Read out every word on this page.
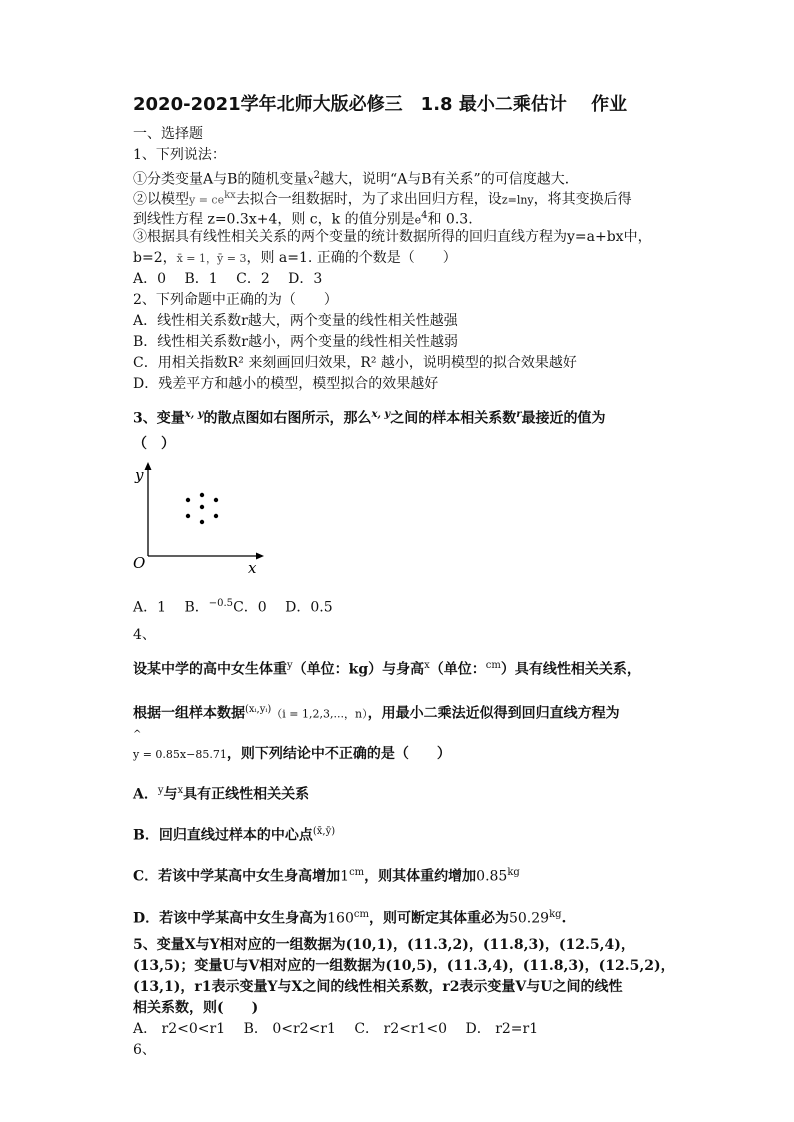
2020-2021学年北师大版必修三　1.8 最小二乘估计　 作业
一、选择题
1、下列说法：
①分类变量A与B的随机变量$x^2$越大，说明“A与B有关系”的可信度越大．
②以模型$y = ce^{kx}$去拟合一组数据时，为了求出回归方程，设z=lny，将其变换后得
到线性方程 z=0.3x+4，则 c，k 的值分别是$e^4$和 0.3.
③根据具有线性相关关系的两个变量的统计数据所得的回归直线方程为y=a+bx中，
b=2，x̄ = 1，ȳ = 3，则 a=1. 正确的个数是（　　）
A．0　 B．1　 C．2　 D．3
2、下列命题中正确的为（　　）
A．线性相关系数r越大，两个变量的线性相关性越强
B．线性相关系数r越小，两个变量的线性相关性越弱
C．用相关指数R² 来刻画回归效果，R² 越小，说明模型的拟合效果越好
D．残差平方和越小的模型，模型拟合的效果越好
3、变量$^{x, y}$的散点图如右图所示，那么$^{x, y}$之间的样本相关系数$^r$最接近的值为
（　）
y
x
O
A．1　 B．$^{-0.5}$C．0　 D．0.5
4、
设某中学的高中女生体重$^y$（单位：kg）与身高$^x$（单位：$^{cm}$）具有线性相关关系，
根据一组样本数据$^{(xᵢ,yᵢ)}$（i = 1,2,3,...，n），用最小二乘法近似得到回归直线方程为
^
y = 0.85x−85.71，则下列结论中不正确的是（　　）
A．$^y$与$^x$具有正线性相关关系
B．回归直线过样本的中心点$^{(x̄,ȳ)}$
C．若该中学某高中女生身高增加$1^{cm}$，则其体重约增加$0.85^{kg}$
D．若该中学某高中女生身高为$160^{cm}$，则可断定其体重必为$50.29^{kg}$.
5、变量X与Y相对应的一组数据为(10,1)，(11.3,2)，(11.8,3)，(12.5,4)，
(13,5)；变量U与V相对应的一组数据为(10,5)，(11.3,4)，(11.8,3)，(12.5,2)，
(13,1)，r1表示变量Y与X之间的线性相关系数，r2表示变量V与U之间的线性
相关系数，则(　　)
A． r2<0<r1　 B． 0<r2<r1　 C． r2<r1<0　 D． r2=r1
6、
